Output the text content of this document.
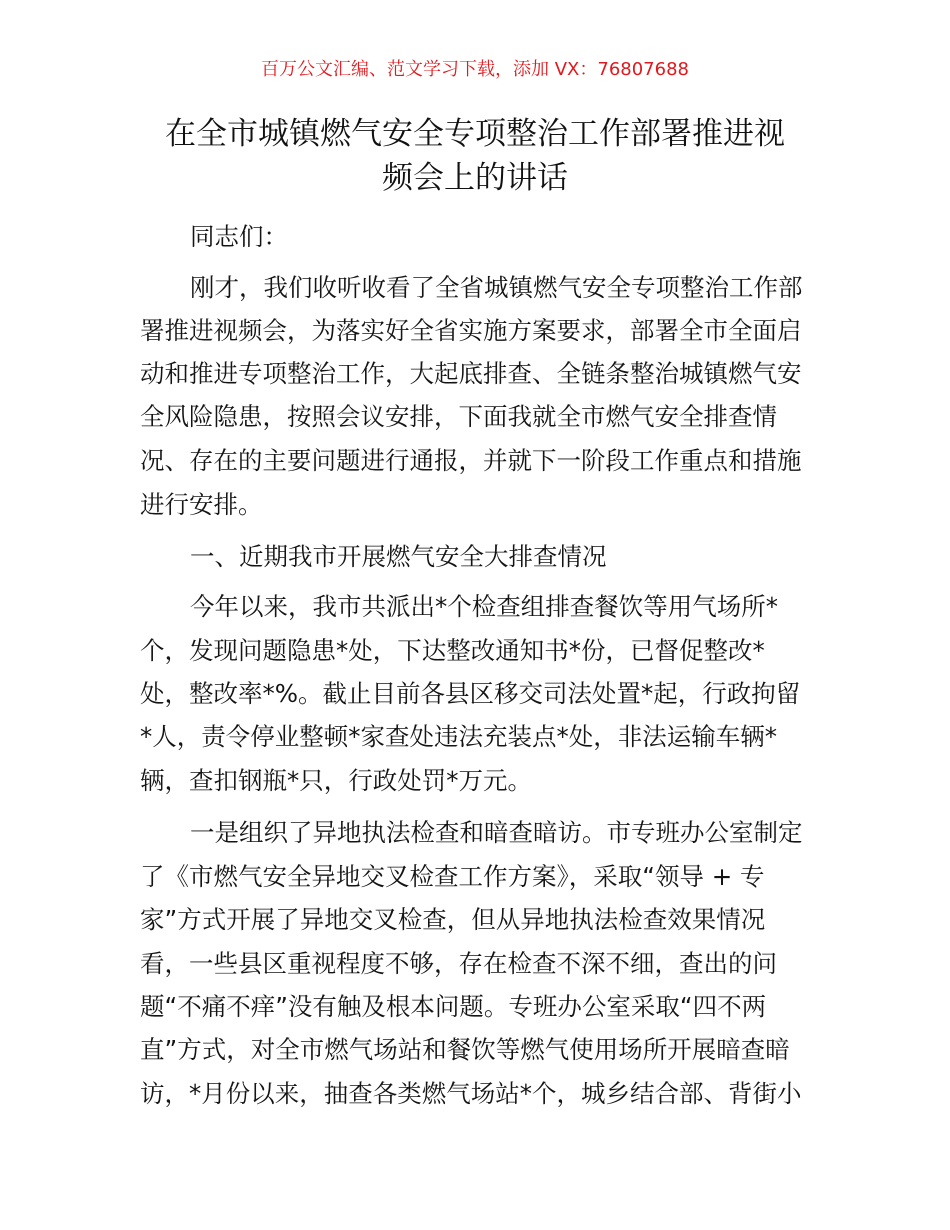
百万公文汇编、范文学习下载，添加 VX：76807688
在全市城镇燃气安全专项整治工作部署推进视
频会上的讲话
同志们：
刚才，我们收听收看了全省城镇燃气安全专项整治工作部
署推进视频会，为落实好全省实施方案要求，部署全市全面启
动和推进专项整治工作，大起底排查、全链条整治城镇燃气安
全风险隐患，按照会议安排，下面我就全市燃气安全排查情
况、存在的主要问题进行通报，并就下一阶段工作重点和措施
进行安排。
一、近期我市开展燃气安全大排查情况
今年以来，我市共派出*个检查组排查餐饮等用气场所*
个，发现问题隐患*处，下达整改通知书*份，已督促整改*
处，整改率*%。截止目前各县区移交司法处置*起，行政拘留
*人，责令停业整顿*家查处违法充装点*处，非法运输车辆*
辆，查扣钢瓶*只，行政处罚*万元。
一是组织了异地执法检查和暗查暗访。市专班办公室制定
了《市燃气安全异地交叉检查工作方案》，采取“领导 + 专
家”方式开展了异地交叉检查，但从异地执法检查效果情况
看，一些县区重视程度不够，存在检查不深不细，查出的问
题“不痛不痒”没有触及根本问题。专班办公室采取“四不两
直”方式，对全市燃气场站和餐饮等燃气使用场所开展暗查暗
访，*月份以来，抽查各类燃气场站*个，城乡结合部、背街小
